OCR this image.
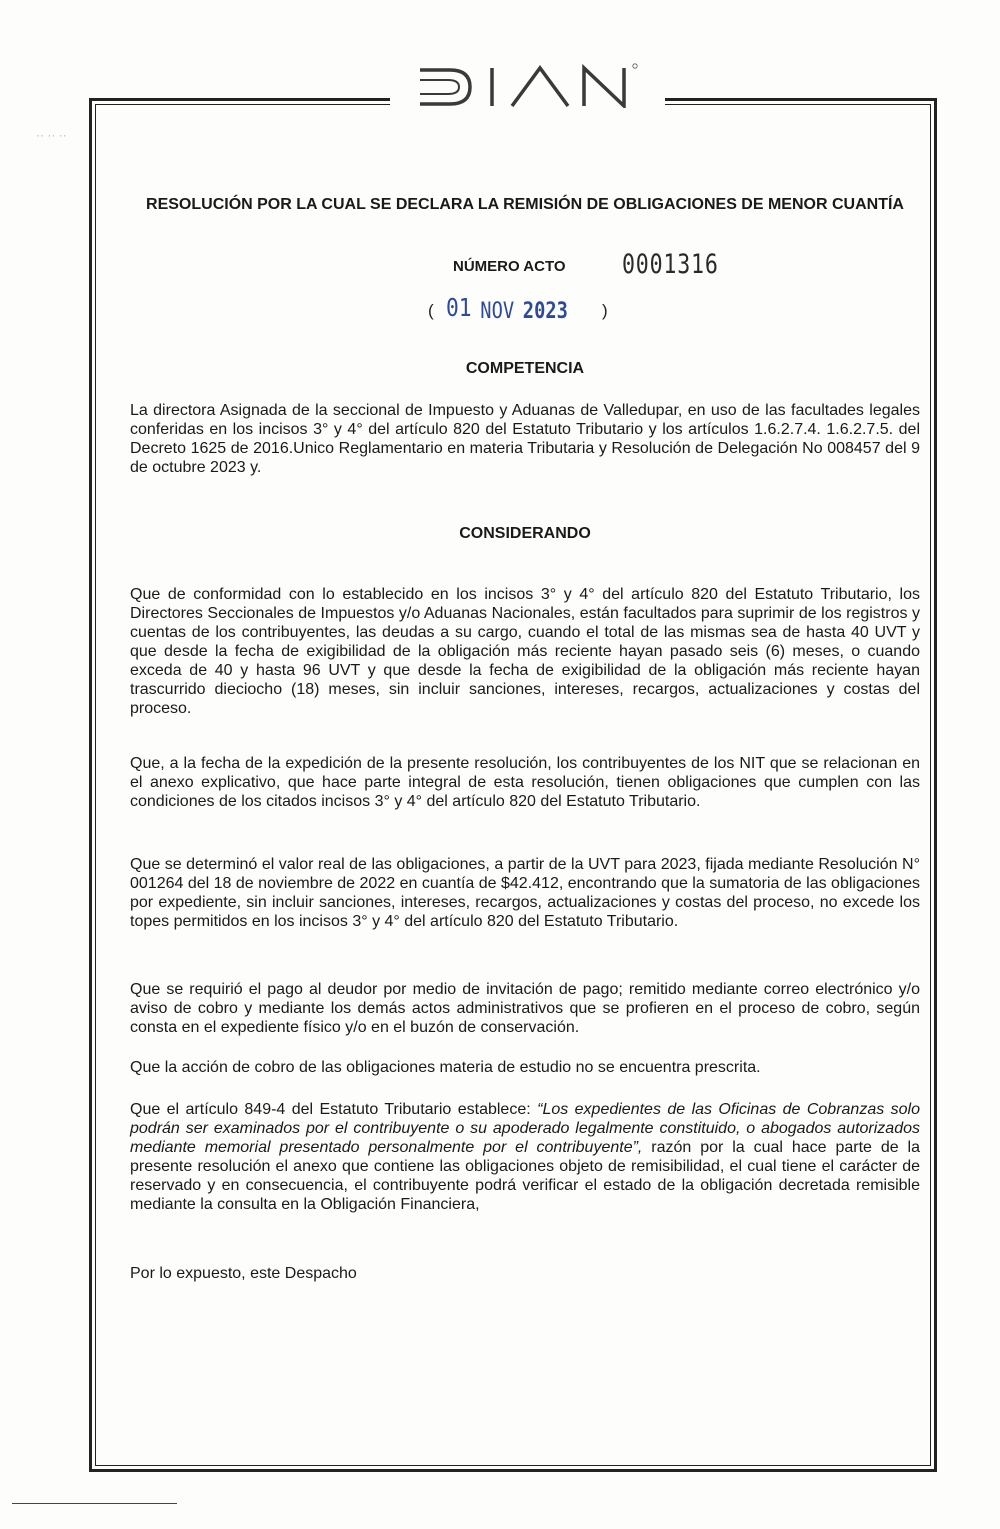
·· ·· ··
RESOLUCIÓN POR LA CUAL SE DECLARA LA REMISIÓN DE OBLIGACIONES DE MENOR CUANTÍA
NÚMERO ACTO 0001316
( 01 NOV 2023 )
COMPETENCIA
La directora Asignada de la seccional de Impuesto y Aduanas de Valledupar, en uso de las facultades legales conferidas en los incisos 3° y 4° del artículo 820 del Estatuto Tributario y los artículos 1.6.2.7.4. 1.6.2.7.5. del Decreto 1625 de 2016.Unico Reglamentario en materia Tributaria y Resolución de Delegación No 008457 del 9 de octubre 2023 y.
CONSIDERANDO
Que de conformidad con lo establecido en los incisos 3° y 4° del artículo 820 del Estatuto Tributario, los Directores Seccionales de Impuestos y/o Aduanas Nacionales, están facultados para suprimir de los registros y cuentas de los contribuyentes, las deudas a su cargo, cuando el total de las mismas sea de hasta 40 UVT y que desde la fecha de exigibilidad de la obligación más reciente hayan pasado seis (6) meses, o cuando exceda de 40 y hasta 96 UVT y que desde la fecha de exigibilidad de la obligación más reciente hayan trascurrido dieciocho (18) meses, sin incluir sanciones, intereses, recargos, actualizaciones y costas del proceso.
Que, a la fecha de la expedición de la presente resolución, los contribuyentes de los NIT que se relacionan en el anexo explicativo, que hace parte integral de esta resolución, tienen obligaciones que cumplen con las condiciones de los citados incisos 3° y 4° del artículo 820 del Estatuto Tributario.
Que se determinó el valor real de las obligaciones, a partir de la UVT para 2023, fijada mediante Resolución N° 001264 del 18 de noviembre de 2022 en cuantía de $42.412, encontrando que la sumatoria de las obligaciones por expediente, sin incluir sanciones, intereses, recargos, actualizaciones y costas del proceso, no excede los topes permitidos en los incisos 3° y 4° del artículo 820 del Estatuto Tributario.
Que se requirió el pago al deudor por medio de invitación de pago; remitido mediante correo electrónico y/o aviso de cobro y mediante los demás actos administrativos que se profieren en el proceso de cobro, según consta en el expediente físico y/o en el buzón de conservación.
Que la acción de cobro de las obligaciones materia de estudio no se encuentra prescrita.
Que el artículo 849-4 del Estatuto Tributario establece: “Los expedientes de las Oficinas de Cobranzas solo podrán ser examinados por el contribuyente o su apoderado legalmente constituido, o abogados autorizados mediante memorial presentado personalmente por el contribuyente”, razón por la cual hace parte de la presente resolución el anexo que contiene las obligaciones objeto de remisibilidad, el cual tiene el carácter de reservado y en consecuencia, el contribuyente podrá verificar el estado de la obligación decretada remisible mediante la consulta en la Obligación Financiera,
Por lo expuesto, este Despacho
